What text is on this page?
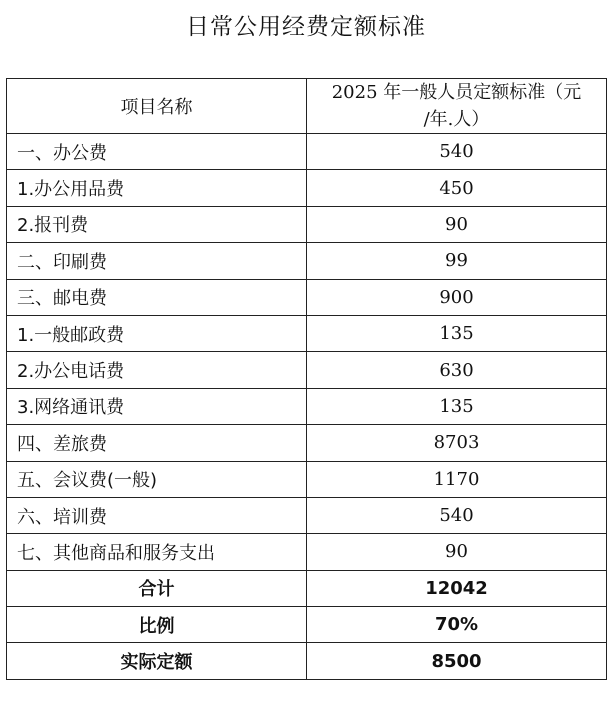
日常公用经费定额标准
项目名称	2025 年一般人员定额标准（元
/年.人）

一、办公费	540
1.办公用品费	450
2.报刊费	90
二、印刷费	99
三、邮电费	900
1.一般邮政费	135
2.办公电话费	630
3.网络通讯费	135
四、差旅费	8703
五、会议费(一般)	1170
六、培训费	540
七、其他商品和服务支出	90
合计	12042
比例	70%
实际定额	8500
